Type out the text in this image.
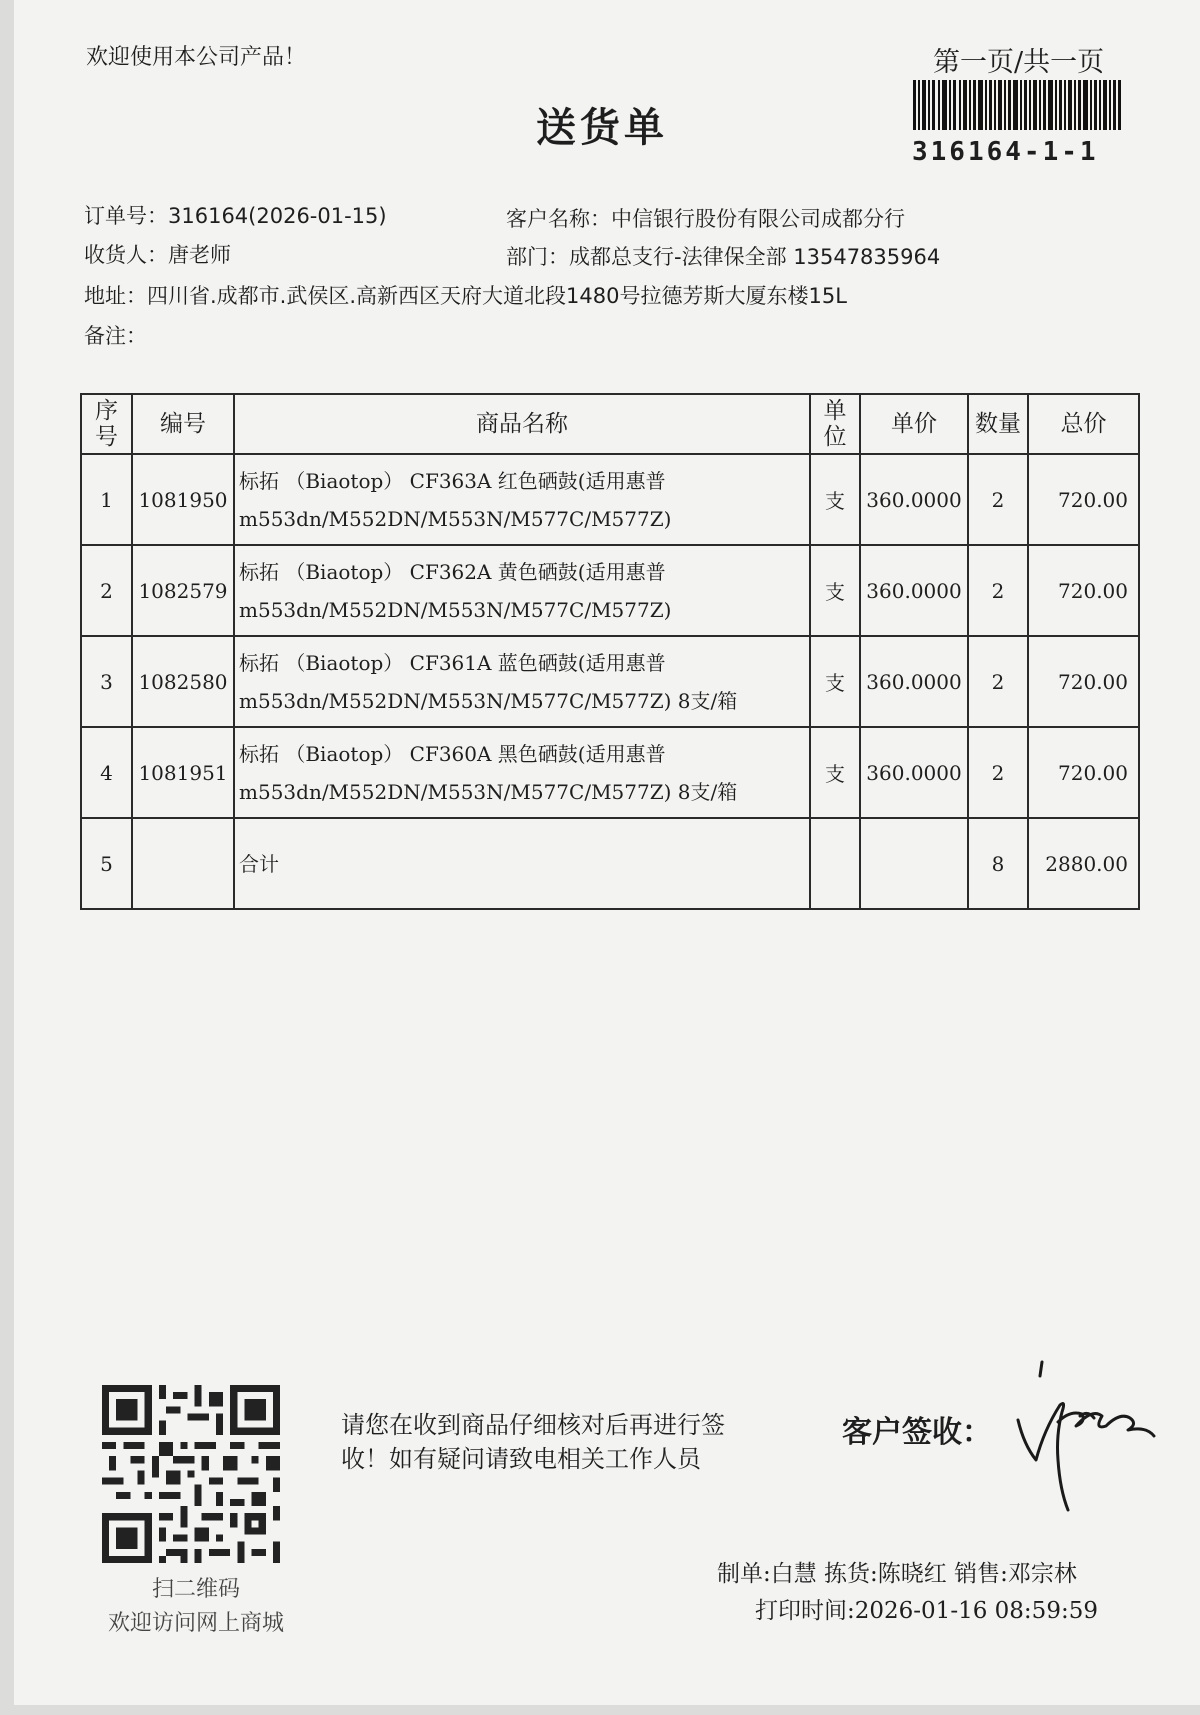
欢迎使用本公司产品！	第一页/共一页
送货单
316164-1-1
订单号：316164(2026-01-15)	客户名称：中信银行股份有限公司成都分行
收货人：唐老师	部门：成都总支行-法律保全部 13547835964
地址：四川省.成都市.武侯区.高新西区天府大道北段1480号拉德芳斯大厦东楼15L
备注：
序号	编号	商品名称	单位	单价	数量	总价
1	1081950	标拓 （Biaotop） CF363A 红色硒鼓(适用惠普
m553dn/M552DN/M553N/M577C/M577Z)	支	360.0000	2	720.00
2	1082579	标拓 （Biaotop） CF362A 黄色硒鼓(适用惠普
m553dn/M552DN/M553N/M577C/M577Z)	支	360.0000	2	720.00
3	1082580	标拓 （Biaotop） CF361A 蓝色硒鼓(适用惠普
m553dn/M552DN/M553N/M577C/M577Z) 8支/箱	支	360.0000	2	720.00
4	1081951	标拓 （Biaotop） CF360A 黑色硒鼓(适用惠普
m553dn/M552DN/M553N/M577C/M577Z) 8支/箱	支	360.0000	2	720.00
5		合计			8	2880.00
扫二维码
欢迎访问网上商城
请您在收到商品仔细核对后再进行签收！如有疑问请致电相关工作人员
客户签收：
制单:白慧 拣货:陈晓红 销售:邓宗林
打印时间:2026-01-16 08:59:59
